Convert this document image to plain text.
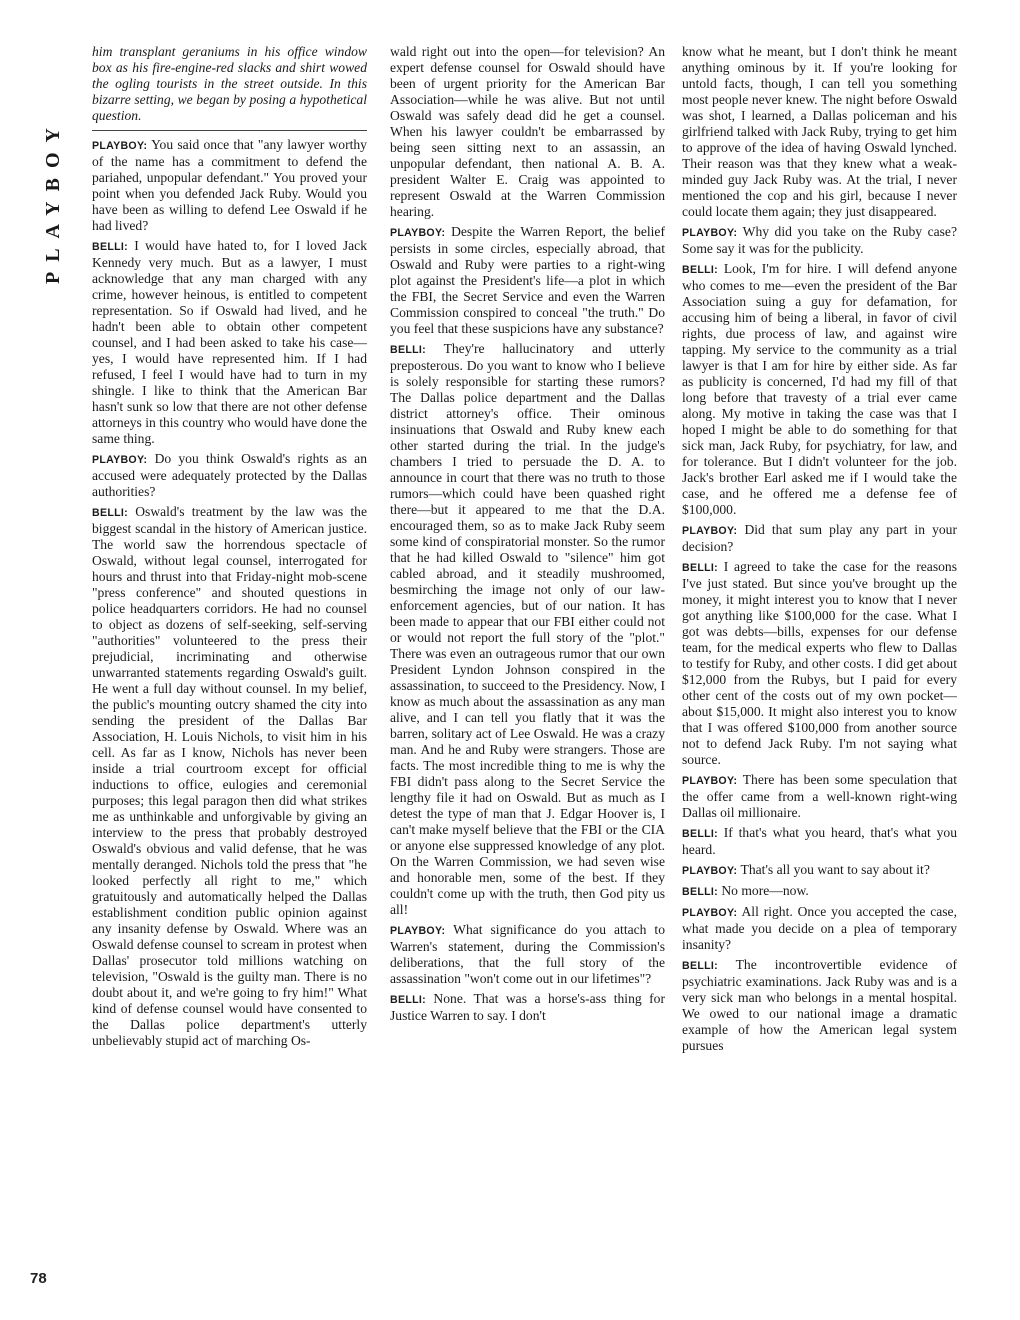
PLAYBOY

him transplant geraniums in his office window box as his fire-engine-red slacks and shirt wowed the ogling tourists in the street outside. In this bizarre setting, we began by posing a hypothetical question.

PLAYBOY: You said once that "any lawyer worthy of the name has a commitment to defend the pariahed, unpopular defendant." You proved your point when you defended Jack Ruby. Would you have been as willing to defend Lee Oswald if he had lived?

BELLI: I would have hated to, for I loved Jack Kennedy very much. But as a lawyer, I must acknowledge that any man charged with any crime, however heinous, is entitled to competent representation. So if Oswald had lived, and he hadn't been able to obtain other competent counsel, and I had been asked to take his case—yes, I would have represented him. If I had refused, I feel I would have had to turn in my shingle. I like to think that the American Bar hasn't sunk so low that there are not other defense attorneys in this country who would have done the same thing.

PLAYBOY: Do you think Oswald's rights as an accused were adequately protected by the Dallas authorities?

BELLI: Oswald's treatment by the law was the biggest scandal in the history of American justice. The world saw the horrendous spectacle of Oswald, without legal counsel, interrogated for hours and thrust into that Friday-night mob-scene "press conference" and shouted questions in police headquarters corridors. He had no counsel to object as dozens of self-seeking, self-serving "authorities" volunteered to the press their prejudicial, incriminating and otherwise unwarranted statements regarding Oswald's guilt. He went a full day without counsel. In my belief, the public's mounting outcry shamed the city into sending the president of the Dallas Bar Association, H. Louis Nichols, to visit him in his cell. As far as I know, Nichols has never been inside a trial courtroom except for official inductions to office, eulogies and ceremonial purposes; this legal paragon then did what strikes me as unthinkable and unforgivable by giving an interview to the press that probably destroyed Oswald's obvious and valid defense, that he was mentally deranged. Nichols told the press that "he looked perfectly all right to me," which gratuitously and automatically helped the Dallas establishment condition public opinion against any insanity defense by Oswald. Where was an Oswald defense counsel to scream in protest when Dallas' prosecutor told millions watching on television, "Oswald is the guilty man. There is no doubt about it, and we're going to fry him!" What kind of defense counsel would have consented to the Dallas police department's utterly unbelievably stupid act of marching Os-

wald right out into the open—for television? An expert defense counsel for Oswald should have been of urgent priority for the American Bar Association—while he was alive. But not until Oswald was safely dead did he get a counsel. When his lawyer couldn't be embarrassed by being seen sitting next to an assassin, an unpopular defendant, then national A. B. A. president Walter E. Craig was appointed to represent Oswald at the Warren Commission hearing.

PLAYBOY: Despite the Warren Report, the belief persists in some circles, especially abroad, that Oswald and Ruby were parties to a right-wing plot against the President's life—a plot in which the FBI, the Secret Service and even the Warren Commission conspired to conceal "the truth." Do you feel that these suspicions have any substance?

BELLI: They're hallucinatory and utterly preposterous. Do you want to know who I believe is solely responsible for starting these rumors? The Dallas police department and the Dallas district attorney's office. Their ominous insinuations that Oswald and Ruby knew each other started during the trial. In the judge's chambers I tried to persuade the D. A. to announce in court that there was no truth to those rumors—which could have been quashed right there—but it appeared to me that the D.A. encouraged them, so as to make Jack Ruby seem some kind of conspiratorial monster. So the rumor that he had killed Oswald to "silence" him got cabled abroad, and it steadily mushroomed, besmirching the image not only of our law-enforcement agencies, but of our nation. It has been made to appear that our FBI either could not or would not report the full story of the "plot." There was even an outrageous rumor that our own President Lyndon Johnson conspired in the assassination, to succeed to the Presidency. Now, I know as much about the assassination as any man alive, and I can tell you flatly that it was the barren, solitary act of Lee Oswald. He was a crazy man. And he and Ruby were strangers. Those are facts. The most incredible thing to me is why the FBI didn't pass along to the Secret Service the lengthy file it had on Oswald. But as much as I detest the type of man that J. Edgar Hoover is, I can't make myself believe that the FBI or the CIA or anyone else suppressed knowledge of any plot. On the Warren Commission, we had seven wise and honorable men, some of the best. If they couldn't come up with the truth, then God pity us all!

PLAYBOY: What significance do you attach to Warren's statement, during the Commission's deliberations, that the full story of the assassination "won't come out in our lifetimes"?

BELLI: None. That was a horse's-ass thing for Justice Warren to say. I don't

know what he meant, but I don't think he meant anything ominous by it. If you're looking for untold facts, though, I can tell you something most people never knew. The night before Oswald was shot, I learned, a Dallas policeman and his girlfriend talked with Jack Ruby, trying to get him to approve of the idea of having Oswald lynched. Their reason was that they knew what a weak-minded guy Jack Ruby was. At the trial, I never mentioned the cop and his girl, because I never could locate them again; they just disappeared.

PLAYBOY: Why did you take on the Ruby case? Some say it was for the publicity.

BELLI: Look, I'm for hire. I will defend anyone who comes to me—even the president of the Bar Association suing a guy for defamation, for accusing him of being a liberal, in favor of civil rights, due process of law, and against wire tapping. My service to the community as a trial lawyer is that I am for hire by either side. As far as publicity is concerned, I'd had my fill of that long before that travesty of a trial ever came along. My motive in taking the case was that I hoped I might be able to do something for that sick man, Jack Ruby, for psychiatry, for law, and for tolerance. But I didn't volunteer for the job. Jack's brother Earl asked me if I would take the case, and he offered me a defense fee of $100,000.

PLAYBOY: Did that sum play any part in your decision?

BELLI: I agreed to take the case for the reasons I've just stated. But since you've brought up the money, it might interest you to know that I never got anything like $100,000 for the case. What I got was debts—bills, expenses for our defense team, for the medical experts who flew to Dallas to testify for Ruby, and other costs. I did get about $12,000 from the Rubys, but I paid for every other cent of the costs out of my own pocket—about $15,000. It might also interest you to know that I was offered $100,000 from another source not to defend Jack Ruby. I'm not saying what source.

PLAYBOY: There has been some speculation that the offer came from a well-known right-wing Dallas oil millionaire.

BELLI: If that's what you heard, that's what you heard.

PLAYBOY: That's all you want to say about it?

BELLI: No more—now.

PLAYBOY: All right. Once you accepted the case, what made you decide on a plea of temporary insanity?

BELLI: The incontrovertible evidence of psychiatric examinations. Jack Ruby was and is a very sick man who belongs in a mental hospital. We owed to our national image a dramatic example of how the American legal system pursues

78
